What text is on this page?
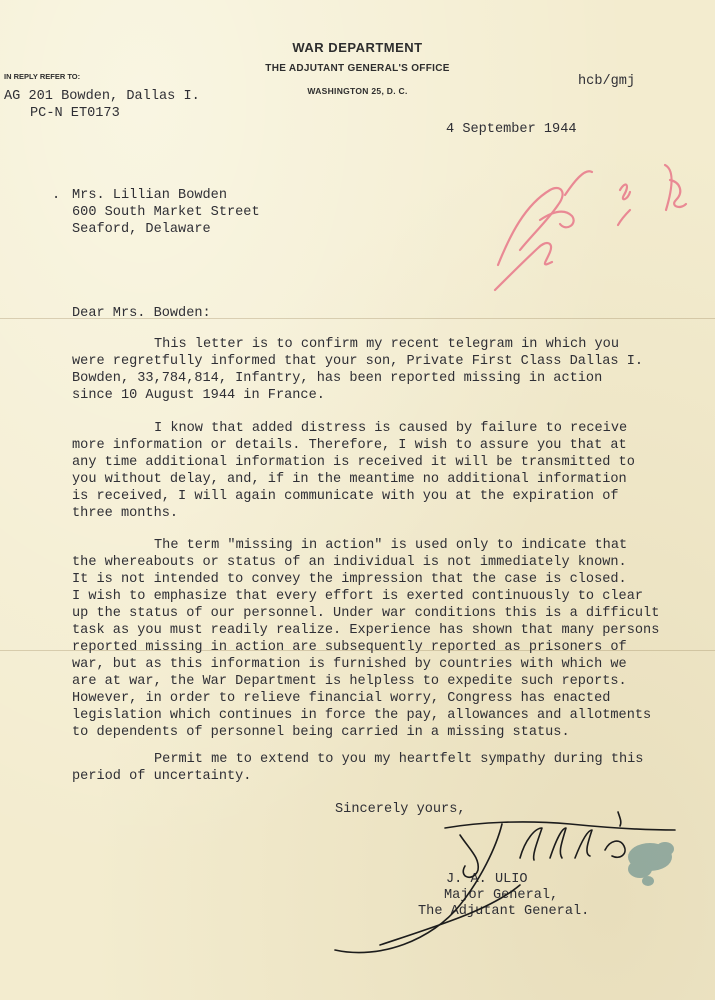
WAR DEPARTMENT
THE ADJUTANT GENERAL'S OFFICE
WASHINGTON 25, D. C.
IN REPLY REFER TO:
AG 201 Bowden, Dallas I.
PC-N ET0173
hcb/gmj
4 September 1944
. Mrs. Lillian Bowden
600 South Market Street
Seaford, Delaware
Dear Mrs. Bowden:
This letter is to confirm my recent telegram in which you
were regretfully informed that your son, Private First Class Dallas I.
Bowden, 33,784,814, Infantry, has been reported missing in action
since 10 August 1944 in France.
I know that added distress is caused by failure to receive
more information or details. Therefore, I wish to assure you that at
any time additional information is received it will be transmitted to
you without delay, and, if in the meantime no additional information
is received, I will again communicate with you at the expiration of
three months.
The term "missing in action" is used only to indicate that
the whereabouts or status of an individual is not immediately known.
It is not intended to convey the impression that the case is closed.
I wish to emphasize that every effort is exerted continuously to clear
up the status of our personnel. Under war conditions this is a difficult
task as you must readily realize. Experience has shown that many persons
reported missing in action are subsequently reported as prisoners of
war, but as this information is furnished by countries with which we
are at war, the War Department is helpless to expedite such reports.
However, in order to relieve financial worry, Congress has enacted
legislation which continues in force the pay, allowances and allotments
to dependents of personnel being carried in a missing status.
Permit me to extend to you my heartfelt sympathy during this
period of uncertainty.
Sincerely yours,
J. A. ULIO
Major General,
The Adjutant General.
